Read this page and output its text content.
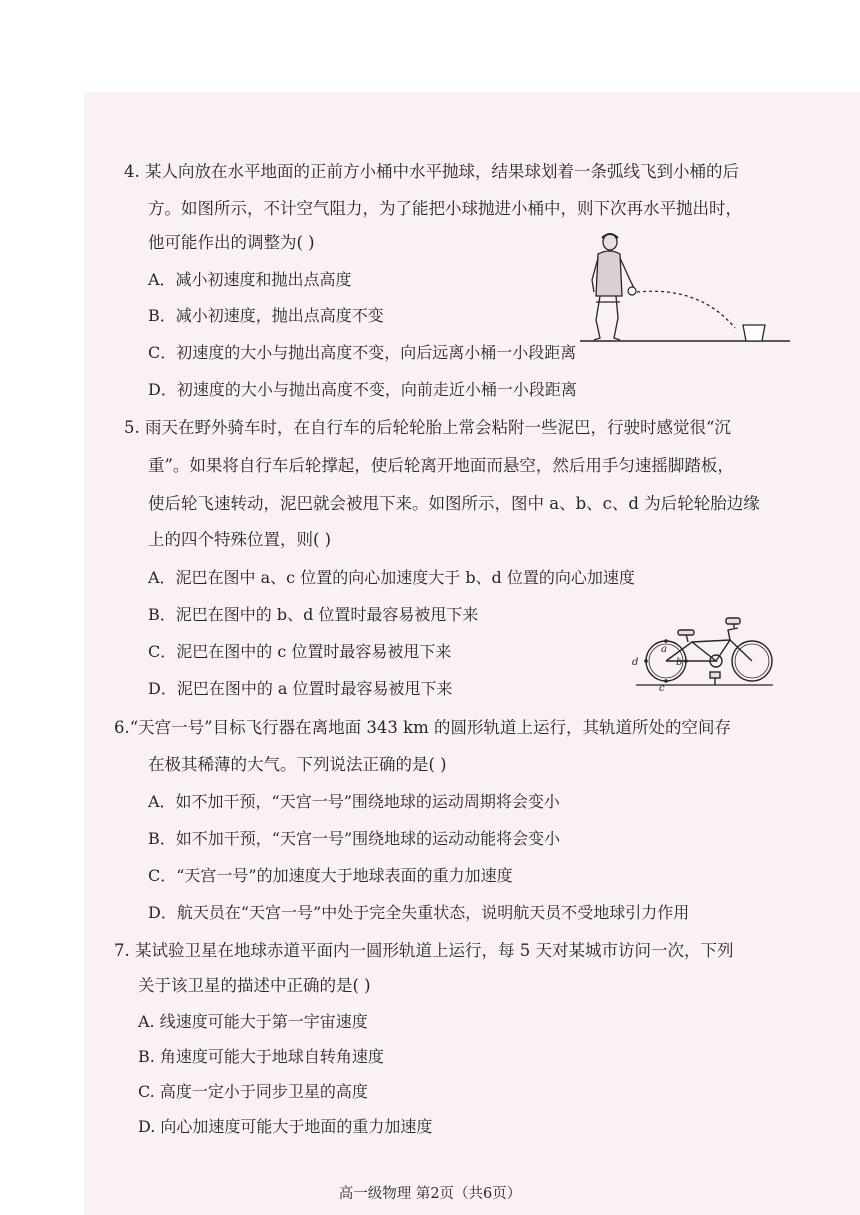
4. 某人向放在水平地面的正前方小桶中水平抛球，结果球划着一条弧线飞到小桶的后
方。如图所示，不计空气阻力，为了能把小球抛进小桶中，则下次再水平抛出时，
他可能作出的调整为( )
A．减小初速度和抛出点高度
B．减小初速度，抛出点高度不变
C．初速度的大小与抛出高度不变，向后远离小桶一小段距离
D．初速度的大小与抛出高度不变，向前走近小桶一小段距离
5. 雨天在野外骑车时，在自行车的后轮轮胎上常会粘附一些泥巴，行驶时感觉很“沉
重”。如果将自行车后轮撑起，使后轮离开地面而悬空，然后用手匀速摇脚踏板，
使后轮飞速转动，泥巴就会被甩下来。如图所示，图中 a、b、c、d 为后轮轮胎边缘
上的四个特殊位置，则( )
A．泥巴在图中 a、c 位置的向心加速度大于 b、d 位置的向心加速度
B．泥巴在图中的 b、d 位置时最容易被甩下来
C．泥巴在图中的 c 位置时最容易被甩下来
D．泥巴在图中的 a 位置时最容易被甩下来
a
b
c
d
6.“天宫一号”目标飞行器在离地面 343 km 的圆形轨道上运行，其轨道所处的空间存
在极其稀薄的大气。下列说法正确的是( )
A．如不加干预，“天宫一号”围绕地球的运动周期将会变小
B．如不加干预，“天宫一号”围绕地球的运动动能将会变小
C．“天宫一号”的加速度大于地球表面的重力加速度
D．航天员在“天宫一号”中处于完全失重状态，说明航天员不受地球引力作用
7. 某试验卫星在地球赤道平面内一圆形轨道上运行，每 5 天对某城市访问一次，下列
关于该卫星的描述中正确的是( )
A. 线速度可能大于第一宇宙速度
B. 角速度可能大于地球自转角速度
C. 高度一定小于同步卫星的高度
D. 向心加速度可能大于地面的重力加速度
高一级物理 第2页（共6页）
